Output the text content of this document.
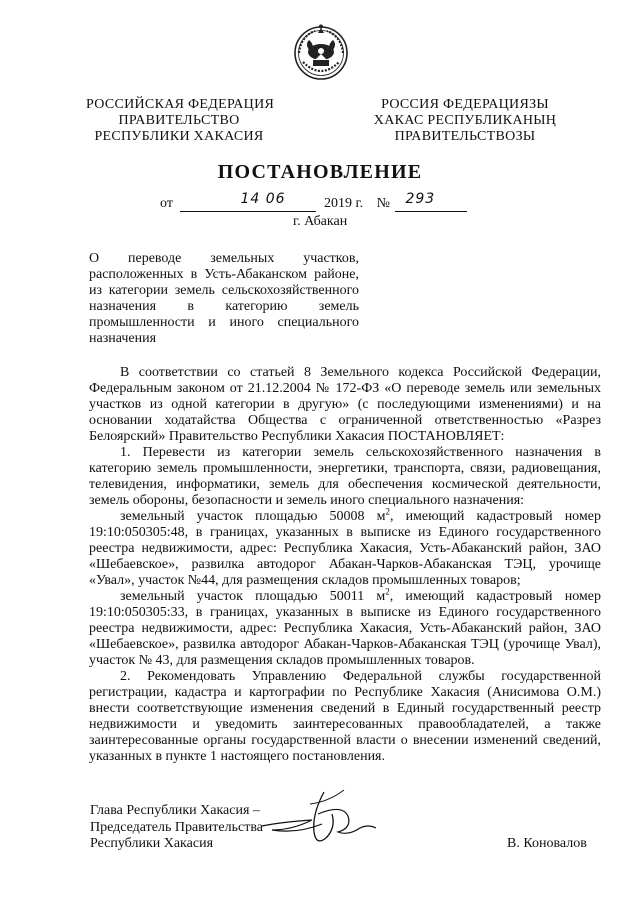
РОССИЙСКАЯ ФЕДЕРАЦИЯ
ПРАВИТЕЛЬСТВО
РЕСПУБЛИКИ ХАКАСИЯ
РОССИЯ ФЕДЕРАЦИЯЗЫ
ХАКАС РЕСПУБЛИКАНЫҢ
ПРАВИТЕЛЬСТВОЗЫ
ПОСТАНОВЛЕНИЕ
от	14 06	2019 г. № 293
г. Абакан

О переводе земельных участков,

расположенных в Усть-Абаканском районе,

из категории земель сельскохозяйственного

назначения в категорию земель

промышленности и иного специального

назначения

В соответствии со статьей 8 Земельного кодекса Российской Федерации, Федеральным законом от 21.12.2004 № 172-ФЗ «О переводе земель или земельных участков из одной категории в другую» (с последующими изменениями) и на основании ходатайства Общества с ограниченной ответственностью «Разрез Белоярский» Правительство Республики Хакасия ПОСТАНОВЛЯЕТ:

1. Перевести из категории земель сельскохозяйственного назначения в категорию земель промышленности, энергетики, транспорта, связи, радиовещания, телевидения, информатики, земель для обеспечения космической деятельности, земель обороны, безопасности и земель иного специального назначения:

земельный участок площадью 50008 $м^2$, имеющий кадастровый номер 19:10:050305:48, в границах, указанных в выписке из Единого государственного реестра недвижимости, адрес: Республика Хакасия, Усть-Абаканский район, ЗАО «Шебаевское», развилка автодорог Абакан-Чарков-Абаканская ТЭЦ, урочище «Увал», участок №44, для размещения складов промышленных товаров;

земельный участок площадью 50011 $м^2$, имеющий кадастровый номер 19:10:050305:33, в границах, указанных в выписке из Единого государственного реестра недвижимости, адрес: Республика Хакасия, Усть-Абаканский район, ЗАО «Шебаевское», развилка автодорог Абакан-Чарков-Абаканская ТЭЦ (урочище Увал), участок № 43, для размещения складов промышленных товаров.

2. Рекомендовать Управлению Федеральной службы государственной регистрации, кадастра и картографии по Республике Хакасия (Анисимова О.М.) внести соответствующие изменения сведений в Единый государственный реестр недвижимости и уведомить заинтересованных правообладателей, а также заинтересованные органы государственной власти о внесении изменений сведений, указанных в пункте 1 настоящего постановления.

Глава Республики Хакасия –
Председатель Правительства
Республики Хакасия	В. Коновалов
